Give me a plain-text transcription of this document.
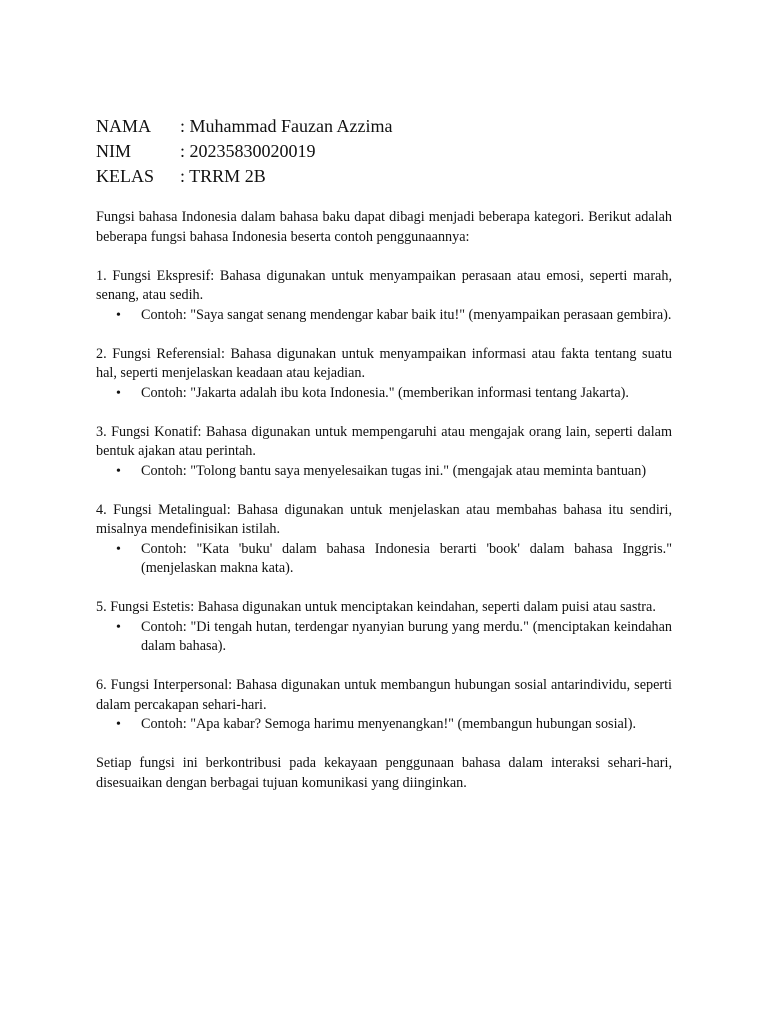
NAMA	: Muhammad Fauzan Azzima
NIM	: 20235830020019
KELAS	: TRRM 2B

Fungsi bahasa Indonesia dalam bahasa baku dapat dibagi menjadi beberapa kategori. Berikut adalah beberapa fungsi bahasa Indonesia beserta contoh penggunaannya:

1. Fungsi Ekspresif: Bahasa digunakan untuk menyampaikan perasaan atau emosi, seperti marah, senang, atau sedih.

• Contoh: "Saya sangat senang mendengar kabar baik itu!" (menyampaikan perasaan gembira).

2. Fungsi Referensial: Bahasa digunakan untuk menyampaikan informasi atau fakta tentang suatu hal, seperti menjelaskan keadaan atau kejadian.

• Contoh: "Jakarta adalah ibu kota Indonesia." (memberikan informasi tentang Jakarta).

3. Fungsi Konatif: Bahasa digunakan untuk mempengaruhi atau mengajak orang lain, seperti dalam bentuk ajakan atau perintah.

• Contoh: "Tolong bantu saya menyelesaikan tugas ini." (mengajak atau meminta bantuan)

4. Fungsi Metalingual: Bahasa digunakan untuk menjelaskan atau membahas bahasa itu sendiri, misalnya mendefinisikan istilah.

• Contoh: "Kata 'buku' dalam bahasa Indonesia berarti 'book' dalam bahasa Inggris." (menjelaskan makna kata).

5. Fungsi Estetis: Bahasa digunakan untuk menciptakan keindahan, seperti dalam puisi atau sastra.

• Contoh: "Di tengah hutan, terdengar nyanyian burung yang merdu." (menciptakan keindahan dalam bahasa).

6. Fungsi Interpersonal: Bahasa digunakan untuk membangun hubungan sosial antarindividu, seperti dalam percakapan sehari-hari.

• Contoh: "Apa kabar? Semoga harimu menyenangkan!" (membangun hubungan sosial).

Setiap fungsi ini berkontribusi pada kekayaan penggunaan bahasa dalam interaksi sehari-hari, disesuaikan dengan berbagai tujuan komunikasi yang diinginkan.
